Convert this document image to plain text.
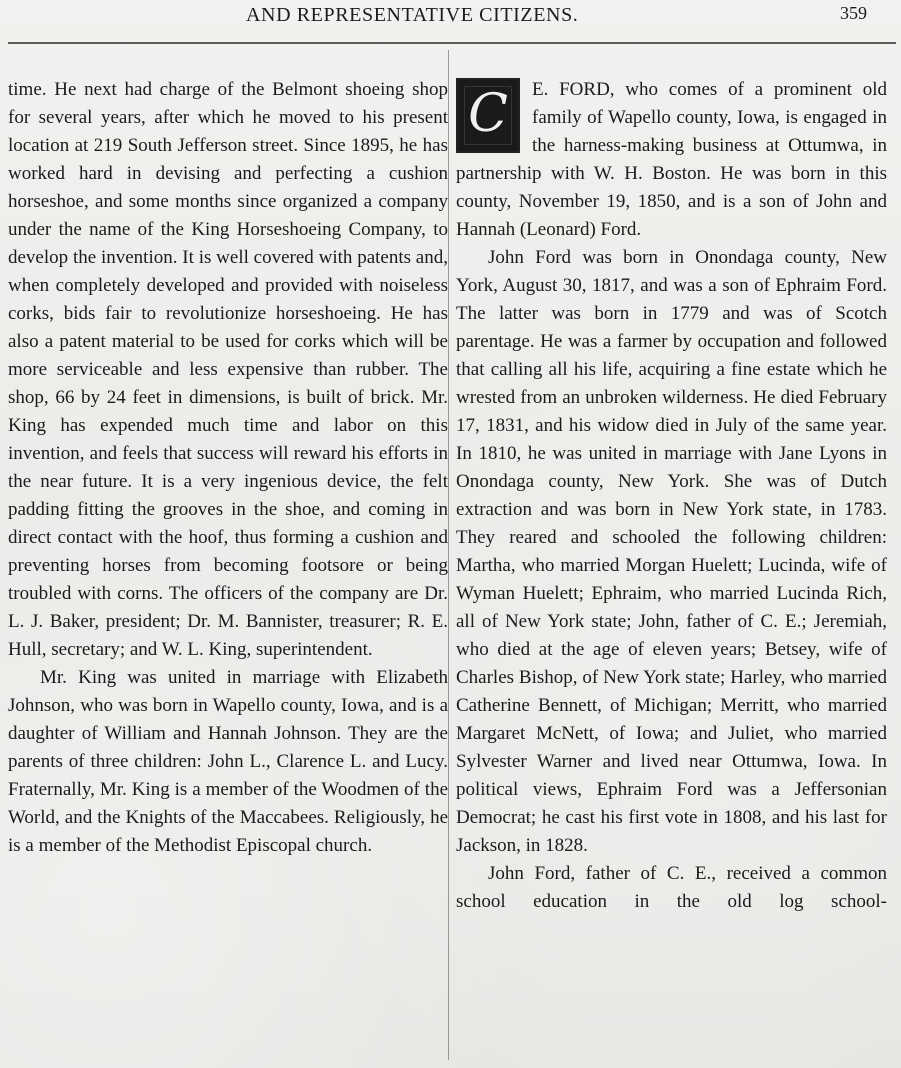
AND REPRESENTATIVE CITIZENS.	359

time. He next had charge of the Belmont shoeing shop for several years, after which he moved to his present location at 219 South Jefferson street. Since 1895, he has worked hard in devising and perfecting a cushion horseshoe, and some months since organized a company under the name of the King Horseshoeing Company, to develop the invention. It is well covered with patents and, when completely developed and provided with noiseless corks, bids fair to revolutionize horseshoeing. He has also a patent material to be used for corks which will be more serviceable and less expensive than rubber. The shop, 66 by 24 feet in dimensions, is built of brick. Mr. King has expended much time and labor on this invention, and feels that success will reward his efforts in the near future. It is a very ingenious device, the felt padding fitting the grooves in the shoe, and coming in direct contact with the hoof, thus forming a cushion and preventing horses from becoming footsore or being troubled with corns. The officers of the company are Dr. L. J. Baker, president; Dr. M. Bannister, treasurer; R. E. Hull, secretary; and W. L. King, superintendent.

Mr. King was united in marriage with Elizabeth Johnson, who was born in Wapello county, Iowa, and is a daughter of William and Hannah Johnson. They are the parents of three children: John L., Clarence L. and Lucy. Fraternally, Mr. King is a member of the Woodmen of the World, and the Knights of the Maccabees. Religiously, he is a member of the Methodist Episcopal church.

C	E. FORD, who comes of a prominent old family of Wapello county, Iowa, is engaged in the harness-making business at Ottumwa, in partnership with W. H. Boston. He was born in this county, November 19, 1850, and is a son of John and Hannah (Leonard) Ford.

John Ford was born in Onondaga county, New York, August 30, 1817, and was a son of Ephraim Ford. The latter was born in 1779 and was of Scotch parentage. He was a farmer by occupation and followed that calling all his life, acquiring a fine estate which he wrested from an unbroken wilderness. He died February 17, 1831, and his widow died in July of the same year. In 1810, he was united in marriage with Jane Lyons in Onondaga county, New York. She was of Dutch extraction and was born in New York state, in 1783. They reared and schooled the following children: Martha, who married Morgan Huelett; Lucinda, wife of Wyman Huelett; Ephraim, who married Lucinda Rich, all of New York state; John, father of C. E.; Jeremiah, who died at the age of eleven years; Betsey, wife of Charles Bishop, of New York state; Harley, who married Catherine Bennett, of Michigan; Merritt, who married Margaret McNett, of Iowa; and Juliet, who married Sylvester Warner and lived near Ottumwa, Iowa. In political views, Ephraim Ford was a Jeffersonian Democrat; he cast his first vote in 1808, and his last for Jackson, in 1828.

John Ford, father of C. E., received a common school education in the old log school-
